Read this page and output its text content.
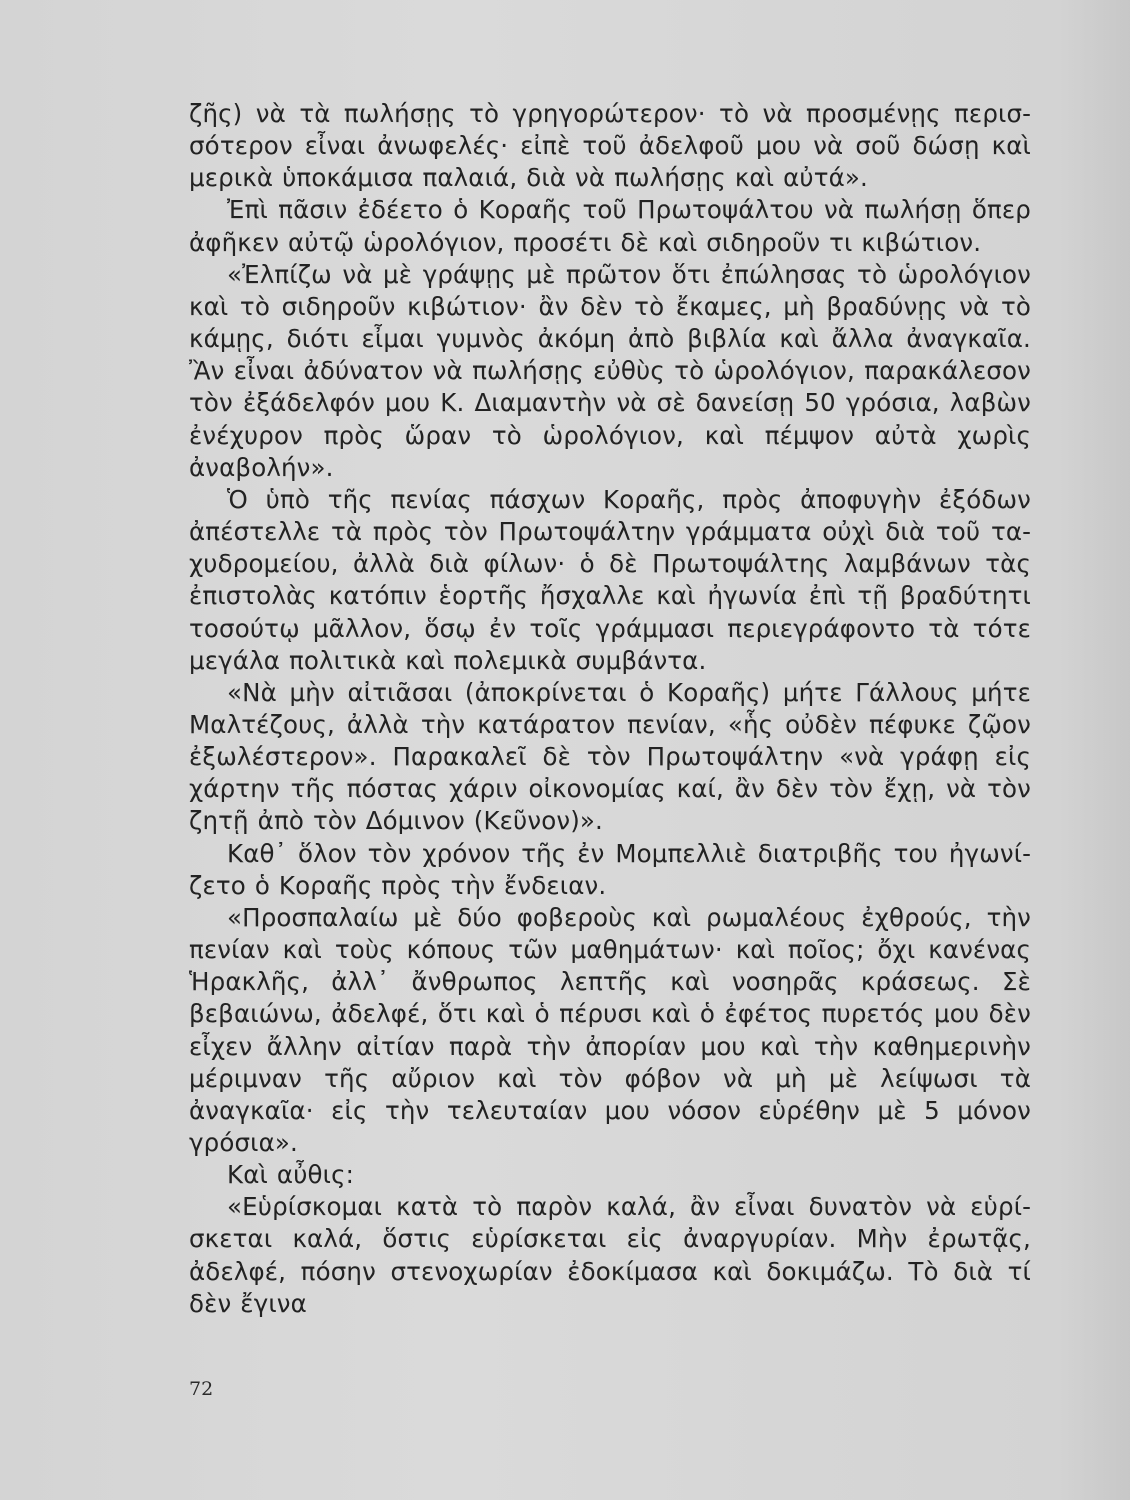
ζῆς) νὰ τὰ πωλήσῃς τὸ γρηγορώτερον· τὸ νὰ προσμένῃς περισσότερον εἶναι ἀνωφελές· εἰπὲ τοῦ ἀδελφοῦ μου νὰ σοῦ δώσῃ καὶ μερικὰ ὑποκάμισα παλαιά, διὰ νὰ πωλήσῃς καὶ αὐτά».

Ἐπὶ πᾶσιν ἐδέετο ὁ Κοραῆς τοῦ Πρωτοψάλτου νὰ πωλήσῃ ὅπερ ἀφῆκεν αὐτῷ ὡρολόγιον, προσέτι δὲ καὶ σιδηροῦν τι κιβώτιον.

«Ἐλπίζω νὰ μὲ γράψῃς μὲ πρῶτον ὅτι ἐπώλησας τὸ ὡρολόγιον καὶ τὸ σιδηροῦν κιβώτιον· ἂν δὲν τὸ ἔκαμες, μὴ βραδύνῃς νὰ τὸ κάμῃς, διότι εἶμαι γυμνὸς ἀκόμη ἀπὸ βιβλία καὶ ἄλλα ἀναγκαῖα. Ἂν εἶναι ἀδύνατον νὰ πωλήσῃς εὐθὺς τὸ ὡρολόγιον, παρακάλεσον τὸν ἐξάδελφόν μου Κ. Διαμαντὴν νὰ σὲ δανείσῃ 50 γρόσια, λαβὼν ἐνέχυρον πρὸς ὥραν τὸ ὡρολόγιον, καὶ πέμψον αὐτὰ χωρὶς ἀναβολήν».

Ὁ ὑπὸ τῆς πενίας πάσχων Κοραῆς, πρὸς ἀποφυγὴν ἐξόδων ἀπέστελλε τὰ πρὸς τὸν Πρωτοψάλτην γράμματα οὐχὶ διὰ τοῦ ταχυδρομείου, ἀλλὰ διὰ φίλων· ὁ δὲ Πρωτοψάλτης λαμβάνων τὰς ἐπιστολὰς κατόπιν ἑορτῆς ἤσχαλλε καὶ ἠγωνία ἐπὶ τῇ βραδύτητι τοσούτῳ μᾶλλον, ὅσῳ ἐν τοῖς γράμμασι περιεγράφοντο τὰ τότε μεγάλα πολιτικὰ καὶ πολεμικὰ συμβάντα.

«Νὰ μὴν αἰτιᾶσαι (ἀποκρίνεται ὁ Κοραῆς) μήτε Γάλλους μήτε Μαλτέζους, ἀλλὰ τὴν κατάρατον πενίαν, «ἧς οὐδὲν πέφυκε ζῷον ἐξωλέστερον». Παρακαλεῖ δὲ τὸν Πρωτοψάλτην «νὰ γράφῃ εἰς χάρτην τῆς πόστας χάριν οἰκονομίας καί, ἂν δὲν τὸν ἔχῃ, νὰ τὸν ζητῇ ἀπὸ τὸν Δόμινον (Κεῦνον)».

Καθ᾽ ὅλον τὸν χρόνον τῆς ἐν Μομπελλιὲ διατριβῆς του ἠγωνίζετο ὁ Κοραῆς πρὸς τὴν ἔνδειαν.

«Προσπαλαίω μὲ δύο φοβεροὺς καὶ ρωμαλέους ἐχθρούς, τὴν πενίαν καὶ τοὺς κόπους τῶν μαθημάτων· καὶ ποῖος; ὄχι κανένας Ἡρακλῆς, ἀλλ᾽ ἄνθρωπος λεπτῆς καὶ νοσηρᾶς κράσεως. Σὲ βεβαιώνω, ἀδελφέ, ὅτι καὶ ὁ πέρυσι καὶ ὁ ἐφέτος πυρετός μου δὲν εἶχεν ἄλλην αἰτίαν παρὰ τὴν ἀπορίαν μου καὶ τὴν καθημερινὴν μέριμναν τῆς αὔριον καὶ τὸν φόβον νὰ μὴ μὲ λείψωσι τὰ ἀναγκαῖα· εἰς τὴν τελευταίαν μου νόσον εὑρέθην μὲ 5 μόνον γρόσια».

Καὶ αὖθις:

«Εὑρίσκομαι κατὰ τὸ παρὸν καλά, ἂν εἶναι δυνατὸν νὰ εὑρίσκεται καλά, ὅστις εὑρίσκεται εἰς ἀναργυρίαν. Μὴν ἐρωτᾷς, ἀδελφέ, πόσην στενοχωρίαν ἐδοκίμασα καὶ δοκιμάζω. Τὸ διὰ τί δὲν ἔγινα

72
